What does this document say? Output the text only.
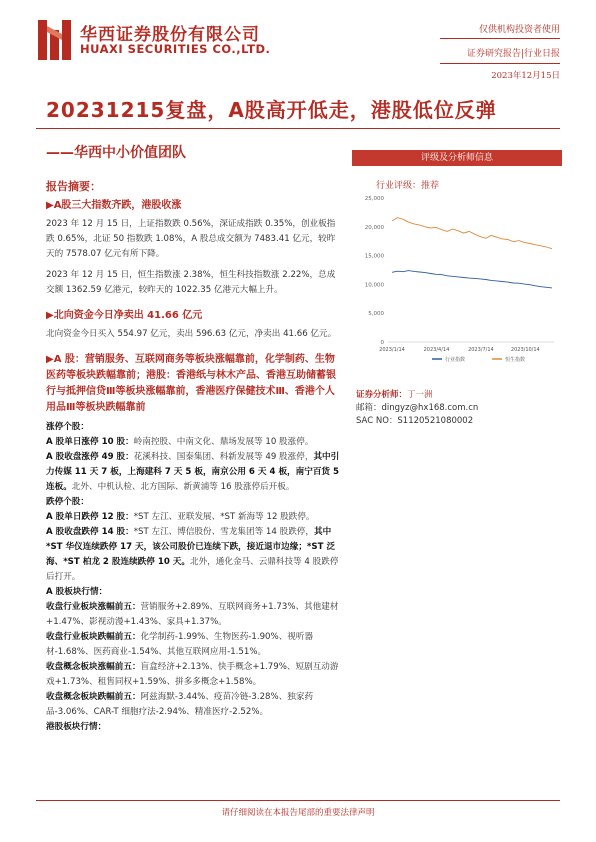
华西证券股份有限公司
HUAXI SECURITIES CO.,LTD.
仅供机构投资者使用
证券研究报告|行业日报
2023年12月15日
20231215复盘，A股高开低走，港股低位反弹
——华西中小价值团队
报告摘要：
▶A股三大指数齐跌，港股收涨

2023 年 12 月 15 日，上证指数跌 0.56%，深证成指跌 0.35%，创业板指跌 0.65%，北证 50 指数跌 1.08%，A 股总成交额为 7483.41 亿元，较昨天的 7578.07 亿元有所下降。

2023 年 12 月 15 日，恒生指数涨 2.38%，恒生科技指数涨 2.22%，总成交额 1362.59 亿港元，较昨天的 1022.35 亿港元大幅上升。

▶北向资金今日净卖出 41.66 亿元

北向资金今日买入 554.97 亿元，卖出 596.63 亿元，净卖出 41.66 亿元。

▶A 股：营销服务、互联网商务等板块涨幅靠前，化学制药、生物医药等板块跌幅靠前；港股：香港纸与林木产品、香港互助储蓄银行与抵押信贷Ⅲ等板块涨幅靠前，香港医疗保健技术Ⅲ、香港个人用品Ⅲ等板块跌幅靠前
涨停个股：

A 股单日涨停 10 股：岭南控股、中南文化、鼎场发展等 10 股涨停。

A 股收盘涨停 49 股：花溪科技、国泰集团、科新发展等 49 股涨停，其中引力传媒 11 天 7 板，上海建科 7 天 5 板，南京公用 6 天 4 板，南宁百货 5 连板。北外、中机认检、北方国际、新黄浦等 16 股涨停后开板。

跌停个股：

A 股单日跌停 12 股：*ST 左江、亚联发展、*ST 新海等 12 股跌停。

A 股收盘跌停 14 股：*ST 左江、博信股份、雪龙集团等 14 股跌停，其中*ST 华仪连续跌停 17 天，该公司股价已连续下跌，接近退市边缘；*ST 泛海、*ST 柏龙 2 股连续跌停 10 天。北外，通化金马、云鼎科技等 4 股跌停后打开。

A 股板块行情：

收盘行业板块涨幅前五：营销服务+2.89%、互联网商务+1.73%、其他建材+1.47%、影视动漫+1.43%、家具+1.37%。

收盘行业板块跌幅前五：化学制药-1.99%、生物医药-1.90%、视听器材-1.68%、医药商业-1.54%、其他互联网应用-1.51%。

收盘概念板块涨幅前五：盲盒经济+2.13%、快手概念+1.79%、短剧互动游戏+1.73%、租售同权+1.59%、拼多多概念+1.58%。

收盘概念板块跌幅前五：阿兹海默-3.44%、疫苗冷链-3.28%、独家药品-3.06%、CAR-T 细胞疗法-2.94%、精准医疗-2.52%。

港股板块行情：
评级及分析师信息
行业评级：推荐
0
5,000
10,000
15,000
20,000
25,000
2023/1/14	2023/4/14	2023/7/14	2023/10/14
行业指数	恒生指数
证券分析师：丁一洲
邮箱：dingyz@hx168.com.cn
SAC NO：S1120521080002
请仔细阅读在本报告尾部的重要法律声明
